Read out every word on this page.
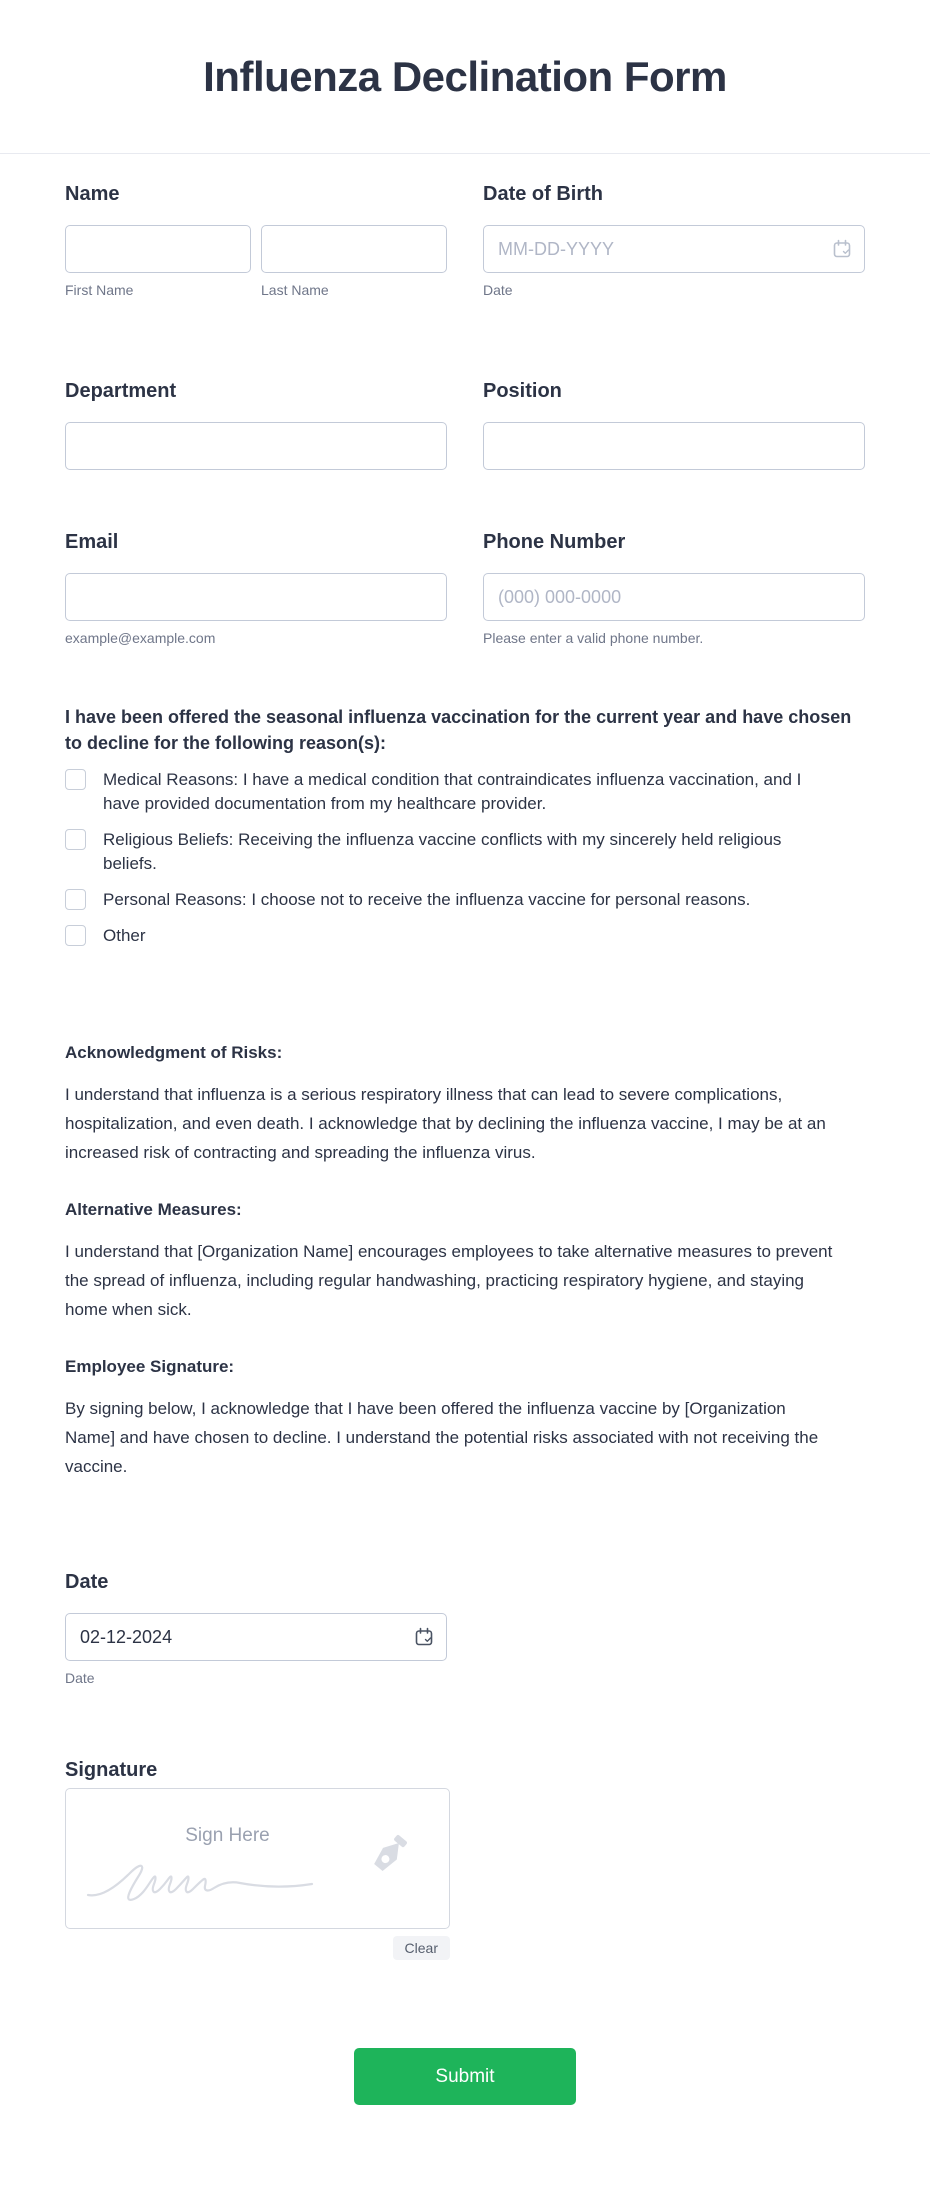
Influenza Declination Form
Name
First Name	Last Name
Date of Birth
MM-DD-YYYY
Date
Department	Position
Email
example@example.com
Phone Number
(000) 000-0000
Please enter a valid phone number.
I have been offered the seasonal influenza vaccination for the current year and have chosen to decline for the following reason(s):
Medical Reasons: I have a medical condition that contraindicates influenza vaccination, and I have provided documentation from my healthcare provider.
Religious Beliefs: Receiving the influenza vaccine conflicts with my sincerely held religious beliefs.
Personal Reasons: I choose not to receive the influenza vaccine for personal reasons.
Other
Acknowledgment of Risks:

I understand that influenza is a serious respiratory illness that can lead to severe complications, hospitalization, and even death. I acknowledge that by declining the influenza vaccine, I may be at an increased risk of contracting and spreading the influenza virus.

Alternative Measures:

I understand that [Organization Name] encourages employees to take alternative measures to prevent the spread of influenza, including regular handwashing, practicing respiratory hygiene, and staying home when sick.

Employee Signature:

By signing below, I acknowledge that I have been offered the influenza vaccine by [Organization Name] and have chosen to decline. I understand the potential risks associated with not receiving the vaccine.

Date
02-12-2024
Date
Signature
Sign Here
Clear
Submit
